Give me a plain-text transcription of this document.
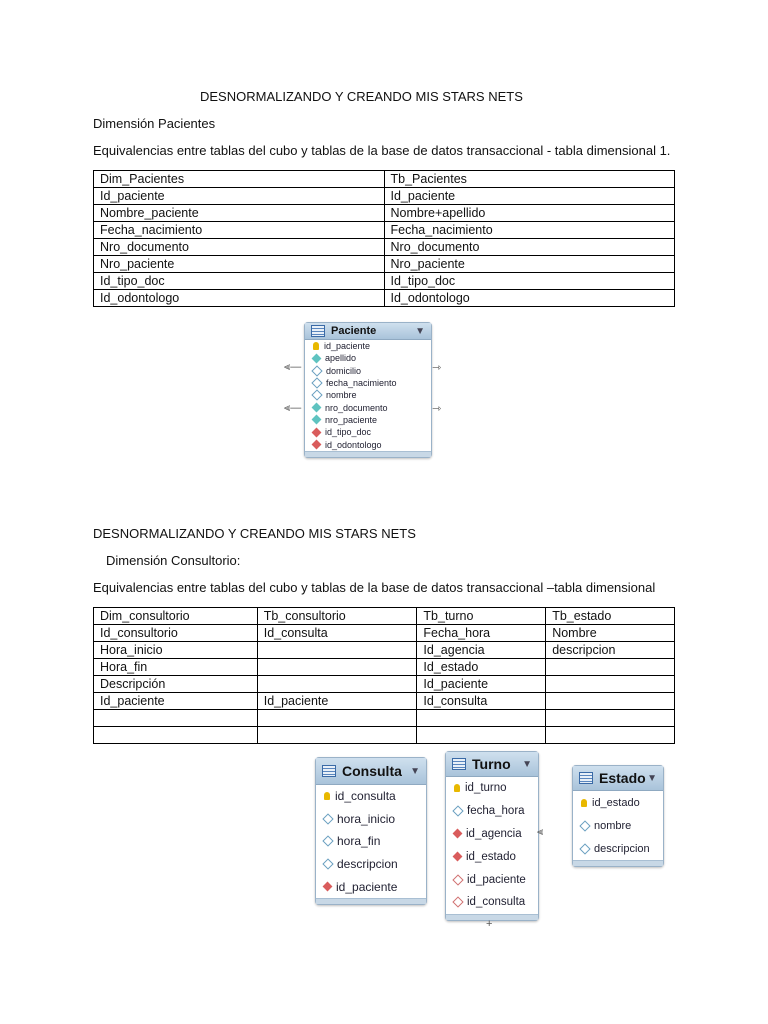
DESNORMALIZANDO Y CREANDO MIS STARS NETS
Dimensión Pacientes
Equivalencias entre tablas del cubo y tablas de la base de datos transaccional - tabla dimensional 1.
Dim_Pacientes	Tb_Pacientes
Id_paciente	Id_paciente
Nombre_paciente	Nombre+apellido
Fecha_nacimiento	Fecha_nacimiento
Nro_documento	Nro_documento
Nro_paciente	Nro_paciente
Id_tipo_doc	Id_tipo_doc
Id_odontologo	Id_odontologo
Paciente	▼
id_paciente
apellido
domicilio
fecha_nacimiento
nombre
nro_documento
nro_paciente
id_tipo_doc
id_odontologo
⫷—	⇾
⫷—	⇾
DESNORMALIZANDO Y CREANDO MIS STARS NETS
Dimensión Consultorio:
Equivalencias entre tablas del cubo y tablas de la base de datos transaccional –tabla dimensional
Dim_consultorio	Tb_consultorio	Tb_turno	Tb_estado
Id_consultorio	Id_consulta	Fecha_hora	Nombre
Hora_inicio		Id_agencia	descripcion
Hora_fin		Id_estado	
Descripción		Id_paciente	
Id_paciente	Id_paciente	Id_consulta	

Consulta ▼
id_consulta
hora_inicio
hora_fin
descripcion
id_paciente
Turno ▼
id_turno
fecha_hora
id_agencia
id_estado
id_paciente
id_consulta
Estado ▼
id_estado
nombre
descripcion
⫷
+
